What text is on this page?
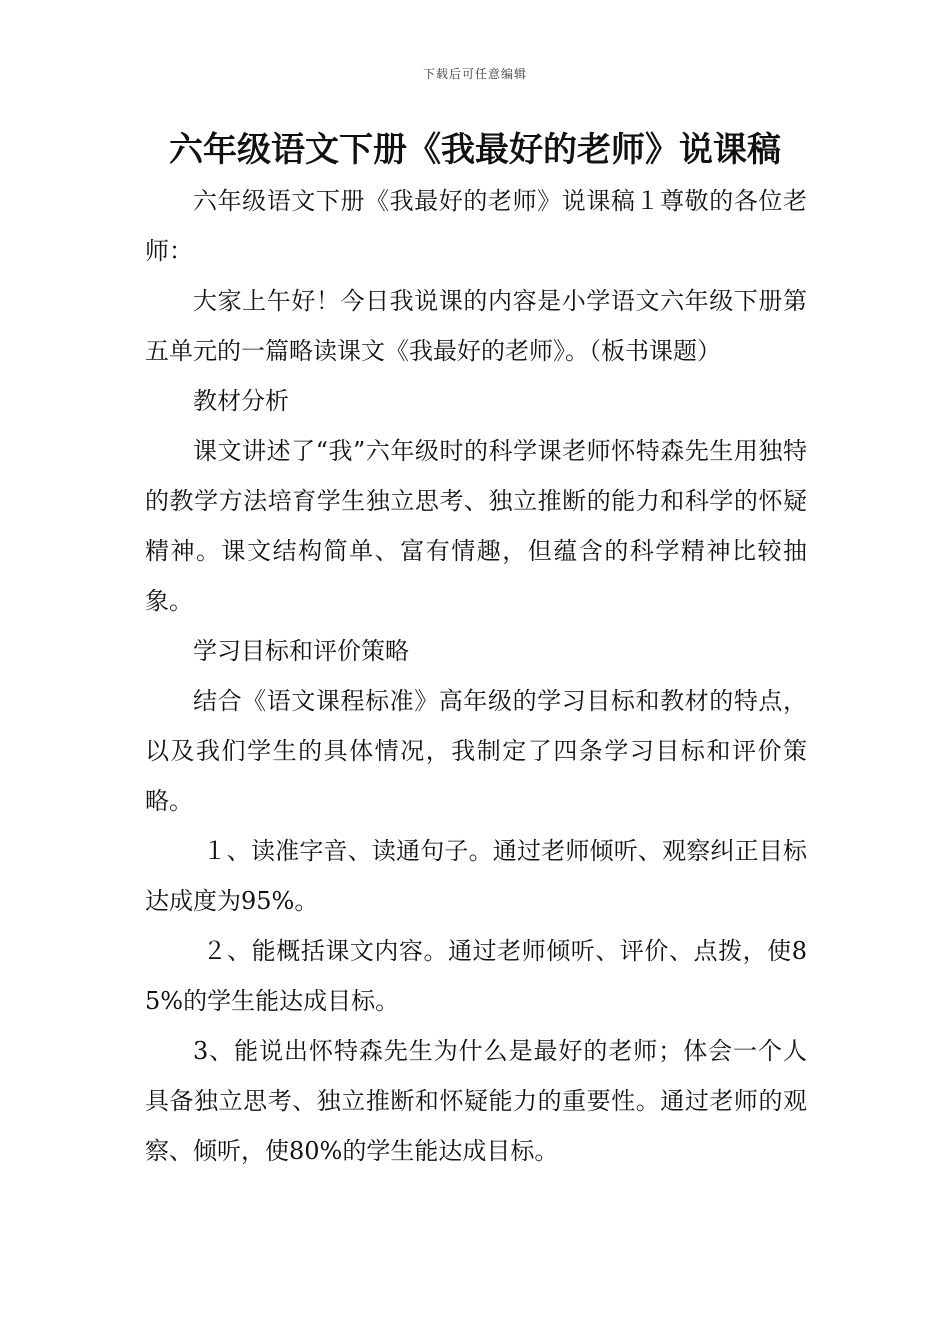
下载后可任意编辑
六年级语文下册《我最好的老师》说课稿

六年级语文下册《我最好的老师》说课稿１尊敬的各位老师：

大家上午好！今日我说课的内容是小学语文六年级下册第五单元的一篇略读课文《我最好的老师》。（板书课题）

教材分析

课文讲述了“我”六年级时的科学课老师怀特森先生用独特的教学方法培育学生独立思考、独立推断的能力和科学的怀疑精神。课文结构简单、富有情趣，但蕴含的科学精神比较抽象。

学习目标和评价策略

结合《语文课程标准》高年级的学习目标和教材的特点，以及我们学生的具体情况，我制定了四条学习目标和评价策略。

１、读准字音、读通句子。通过老师倾听、观察纠正目标达成度为95%。

２、能概括课文内容。通过老师倾听、评价、点拨，使85%的学生能达成目标。

3、能说出怀特森先生为什么是最好的老师；体会一个人具备独立思考、独立推断和怀疑能力的重要性。通过老师的观察、倾听，使80%的学生能达成目标。
